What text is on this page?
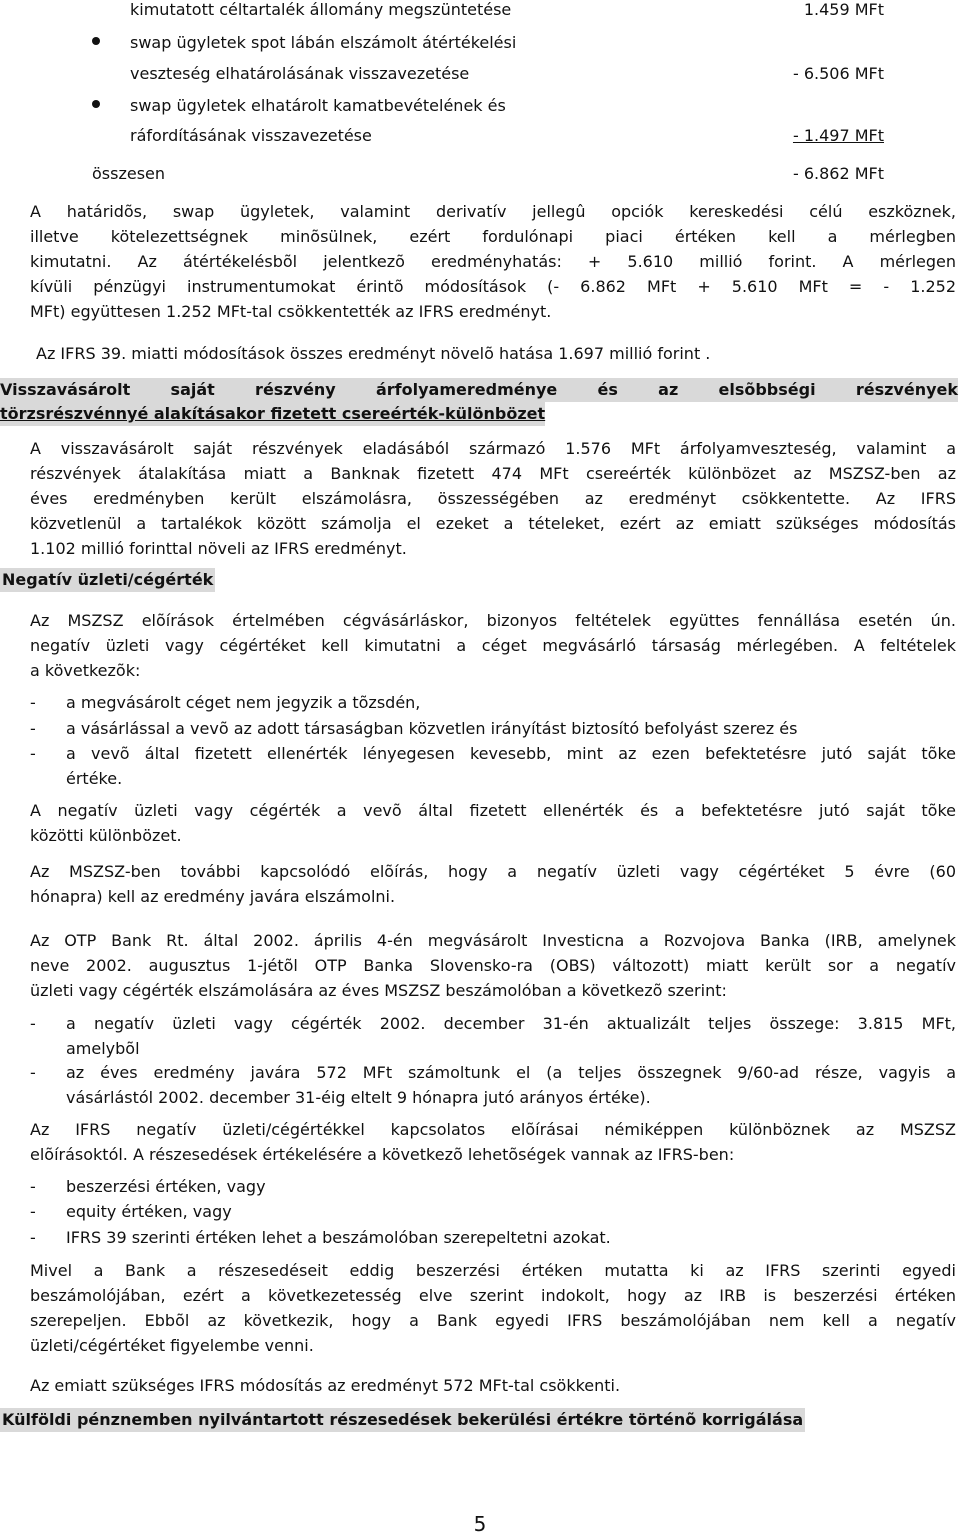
kimutatott céltartalék állomány megszüntetése	1.459 MFt
swap ügyletek spot lábán elszámolt átértékelési
veszteség elhatárolásának visszavezetése	- 6.506 MFt
swap ügyletek elhatárolt kamatbevételének és
ráfordításának visszavezetése	- 1.497 MFt
összesen	- 6.862 MFt
A határidõs, swap ügyletek, valamint derivatív jellegû opciók kereskedési célú eszköznek,
illetve kötelezettségnek minõsülnek, ezért fordulónapi piaci értéken kell a mérlegben
kimutatni. Az átértékelésbõl jelentkezõ eredményhatás: + 5.610 millió forint. A mérlegen
kívüli pénzügyi instrumentumokat érintõ módosítások (- 6.862 MFt + 5.610 MFt = - 1.252
MFt) együttesen 1.252 MFt-tal csökkentették az IFRS eredményt.
Az IFRS 39. miatti módosítások összes eredményt növelõ hatása 1.697 millió forint .
Visszavásárolt saját részvény árfolyameredménye és az elsõbbségi részvények
törzsrészvénnyé alakításakor fizetett csereérték-különbözet
A visszavásárolt saját részvények eladásából származó 1.576 MFt árfolyamveszteség, valamint a
részvények átalakítása miatt a Banknak fizetett 474 MFt csereérték különbözet az MSZSZ-ben az
éves eredményben került elszámolásra, összességében az eredményt csökkentette. Az IFRS
közvetlenül a tartalékok között számolja el ezeket a tételeket, ezért az emiatt szükséges módosítás
1.102 millió forinttal növeli az IFRS eredményt.
Negatív üzleti/cégérték
Az MSZSZ elõírások értelmében cégvásárláskor, bizonyos feltételek együttes fennállása esetén ún.
negatív üzleti vagy cégértéket kell kimutatni a céget megvásárló társaság mérlegében. A feltételek
a következõk:
- a megvásárolt céget nem jegyzik a tõzsdén,
- a vásárlással a vevõ az adott társaságban közvetlen irányítást biztosító befolyást szerez és
- a vevõ által fizetett ellenérték lényegesen kevesebb, mint az ezen befektetésre jutó saját tõke
értéke.
A negatív üzleti vagy cégérték a vevõ által fizetett ellenérték és a befektetésre jutó saját tõke
közötti különbözet.
Az MSZSZ-ben további kapcsolódó elõírás, hogy a negatív üzleti vagy cégértéket 5 évre (60
hónapra) kell az eredmény javára elszámolni.
Az OTP Bank Rt. által 2002. április 4-én megvásárolt Investicna a Rozvojova Banka (IRB, amelynek
neve 2002. augusztus 1-jétõl OTP Banka Slovensko-ra (OBS) változott) miatt került sor a negatív
üzleti vagy cégérték elszámolására az éves MSZSZ beszámolóban a következõ szerint:
- a negatív üzleti vagy cégérték 2002. december 31-én aktualizált teljes összege: 3.815 MFt,
amelybõl
- az éves eredmény javára 572 MFt számoltunk el (a teljes összegnek 9/60-ad része, vagyis a
vásárlástól 2002. december 31-éig eltelt 9 hónapra jutó arányos értéke).
Az IFRS negatív üzleti/cégértékkel kapcsolatos elõírásai némiképpen különböznek az MSZSZ
elõírásoktól. A részesedések értékelésére a következõ lehetõségek vannak az IFRS-ben:
- beszerzési értéken, vagy
- equity értéken, vagy
- IFRS 39 szerinti értéken lehet a beszámolóban szerepeltetni azokat.
Mivel a Bank a részesedéseit eddig beszerzési értéken mutatta ki az IFRS szerinti egyedi
beszámolójában, ezért a következetesség elve szerint indokolt, hogy az IRB is beszerzési értéken
szerepeljen. Ebbõl az következik, hogy a Bank egyedi IFRS beszámolójában nem kell a negatív
üzleti/cégértéket figyelembe venni.
Az emiatt szükséges IFRS módosítás az eredményt 572 MFt-tal csökkenti.
Külföldi pénznemben nyilvántartott részesedések bekerülési értékre történõ korrigálása
5
